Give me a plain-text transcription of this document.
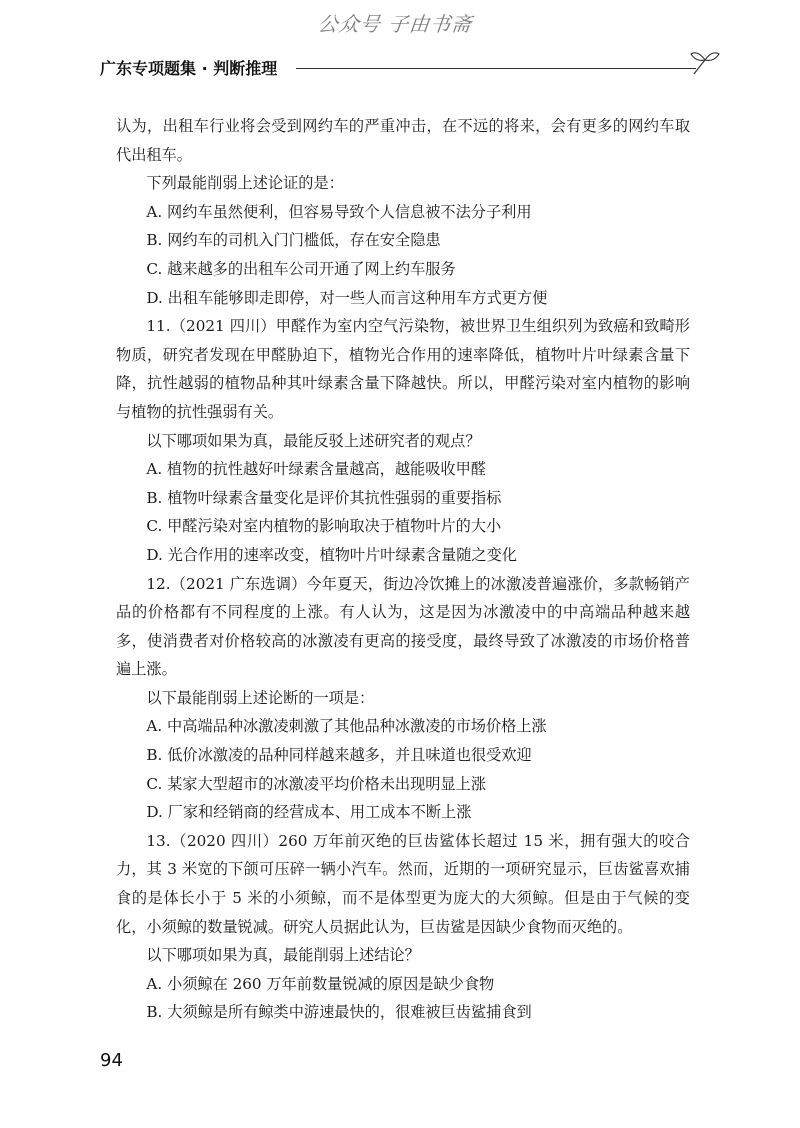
公众号 子由书斋
广东专项题集 · 判断推理

认为，出租车行业将会受到网约车的严重冲击，在不远的将来，会有更多的网约车取代出租车。

下列最能削弱上述论证的是：

A. 网约车虽然便利，但容易导致个人信息被不法分子利用

B. 网约车的司机入门门槛低，存在安全隐患

C. 越来越多的出租车公司开通了网上约车服务

D. 出租车能够即走即停，对一些人而言这种用车方式更方便

11.（2021 四川）甲醛作为室内空气污染物，被世界卫生组织列为致癌和致畸形物质，研究者发现在甲醛胁迫下，植物光合作用的速率降低，植物叶片叶绿素含量下降，抗性越弱的植物品种其叶绿素含量下降越快。所以，甲醛污染对室内植物的影响与植物的抗性强弱有关。

以下哪项如果为真，最能反驳上述研究者的观点？

A. 植物的抗性越好叶绿素含量越高，越能吸收甲醛

B. 植物叶绿素含量变化是评价其抗性强弱的重要指标

C. 甲醛污染对室内植物的影响取决于植物叶片的大小

D. 光合作用的速率改变，植物叶片叶绿素含量随之变化

12.（2021 广东选调）今年夏天，街边冷饮摊上的冰激凌普遍涨价，多款畅销产品的价格都有不同程度的上涨。有人认为，这是因为冰激凌中的中高端品种越来越多，使消费者对价格较高的冰激凌有更高的接受度，最终导致了冰激凌的市场价格普遍上涨。

以下最能削弱上述论断的一项是：

A. 中高端品种冰激凌刺激了其他品种冰激凌的市场价格上涨

B. 低价冰激凌的品种同样越来越多，并且味道也很受欢迎

C. 某家大型超市的冰激凌平均价格未出现明显上涨

D. 厂家和经销商的经营成本、用工成本不断上涨

13.（2020 四川）260 万年前灭绝的巨齿鲨体长超过 15 米，拥有强大的咬合力，其 3 米宽的下颌可压碎一辆小汽车。然而，近期的一项研究显示，巨齿鲨喜欢捕食的是体长小于 5 米的小须鲸，而不是体型更为庞大的大须鲸。但是由于气候的变化，小须鲸的数量锐减。研究人员据此认为，巨齿鲨是因缺少食物而灭绝的。

以下哪项如果为真，最能削弱上述结论？

A. 小须鲸在 260 万年前数量锐减的原因是缺少食物

B. 大须鲸是所有鲸类中游速最快的，很难被巨齿鲨捕食到

94
